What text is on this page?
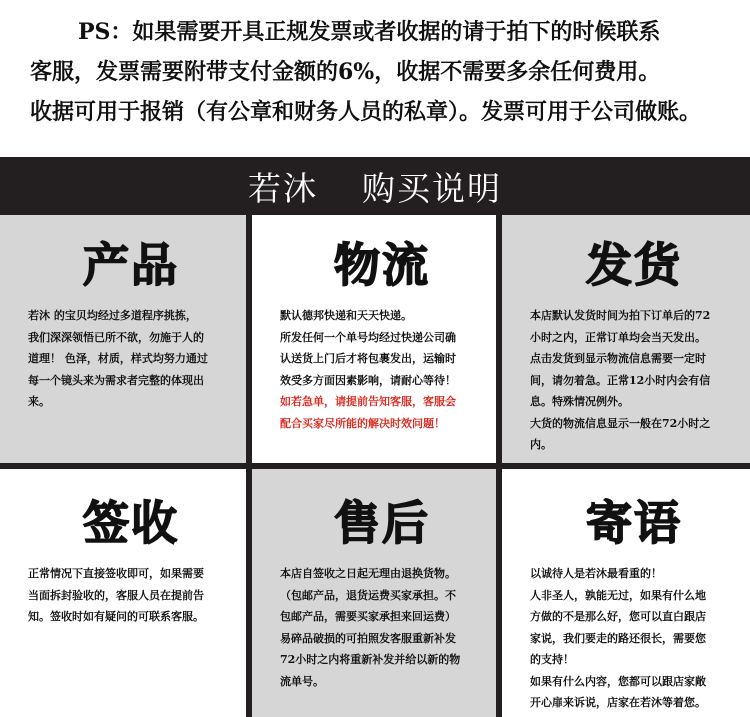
PS：如果需要开具正规发票或者收据的请于拍下的时候联系

客服，发票需要附带支付金额的6%，收据不需要多余任何费用。

收据可用于报销（有公章和财务人员的私章）。发票可用于公司做账。

若沐 购买说明
产品

若沐 的宝贝均经过多道程序挑拣，

我们深深领悟已所不欲，勿施于人的

道理！ 色泽，材质，样式均努力通过

每一个镜头来为需求者完整的体现出

来。

物流

默认德邦快递和天天快递。

所发任何一个单号均经过快递公司确

认送货上门后才将包裹发出，运输时

效受多方面因素影响，请耐心等待！

如若急单，请提前告知客服，客服会

配合买家尽所能的解决时效问题！

发货

本店默认发货时间为拍下订单后的72

小时之内，正常订单均会当天发出。

点击发货到显示物流信息需要一定时

间，请勿着急。正常12小时内会有信

息。特殊情况例外。

大货的物流信息显示一般在72小时之

内。

签收

正常情况下直接签收即可，如果需要

当面拆封验收的，客服人员在提前告

知。签收时如有疑问的可联系客服。

售后

本店自签收之日起无理由退换货物。

（包邮产品，退货运费买家承担。不

包邮产品，需要买家承担来回运费）

易碎品破损的可拍照发客服重新补发

72小时之内将重新补发并给以新的物

流单号。

寄语

以诚待人是若沐最看重的！

人非圣人，孰能无过，如果有什么地

方做的不是那么好，您可以直白跟店

家说，我们要走的路还很长，需要您

的支持！

如果有什么内容，您都可以跟店家敞

开心扉来诉说，店家在若沐等着您。
